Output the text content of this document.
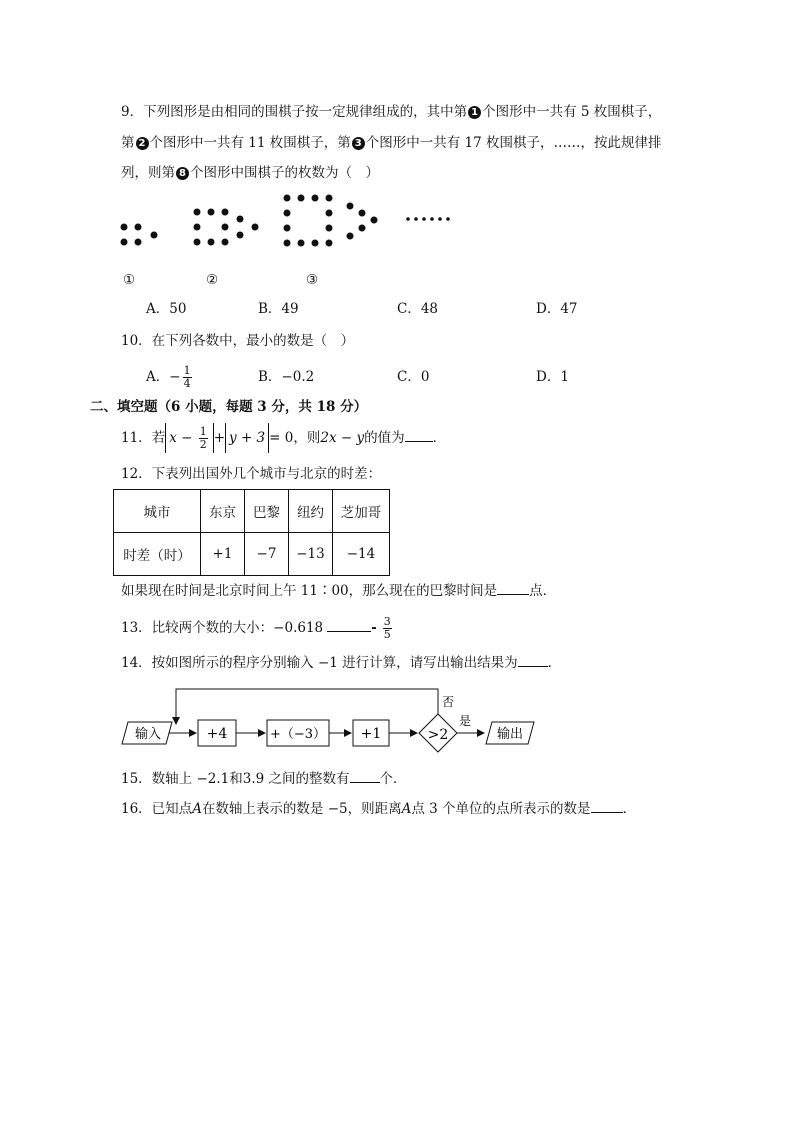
9．下列图形是由相同的围棋子按一定规律组成的，其中第 1 个图形中一共有 5 枚围棋子，
第 2 个图形中一共有 11 枚围棋子，第 3 个图形中一共有 17 枚围棋子，……，按此规律排
列，则第 8 个图形中围棋子的枚数为（　）
①	②	③
A．50	B．49	C．48	D．47
10．在下列各数中，最小的数是（　）
A．− $\frac{1}{4}$	B．−0.2	C．0	D．1
二、填空题（6 小题，每题 3 分，共 18 分）
11．若 $x - \frac{1}{2} + y + 3 = 0$，则2x − y的值为 ．
12．下表列出国外几个城市与北京的时差：
城市	东京	巴黎	纽约	芝加哥
时差（时）	+1	−7	−13	−14
如果现在时间是北京时间上午 11∶00，那么现在的巴黎时间是 点．
13．比较两个数的大小：−0.618	- $\frac{3}{5}$
14．按如图所示的程序分别输入 −1 进行计算，请写出输出结果为 ．
输入	+4	+（−3） +1	>2
是
输出
否
15．数轴上 −2.1和3.9 之间的整数有 个．
16．已知点A在数轴上表示的数是 −5，则距离A点 3 个单位的点所表示的数是 ．
